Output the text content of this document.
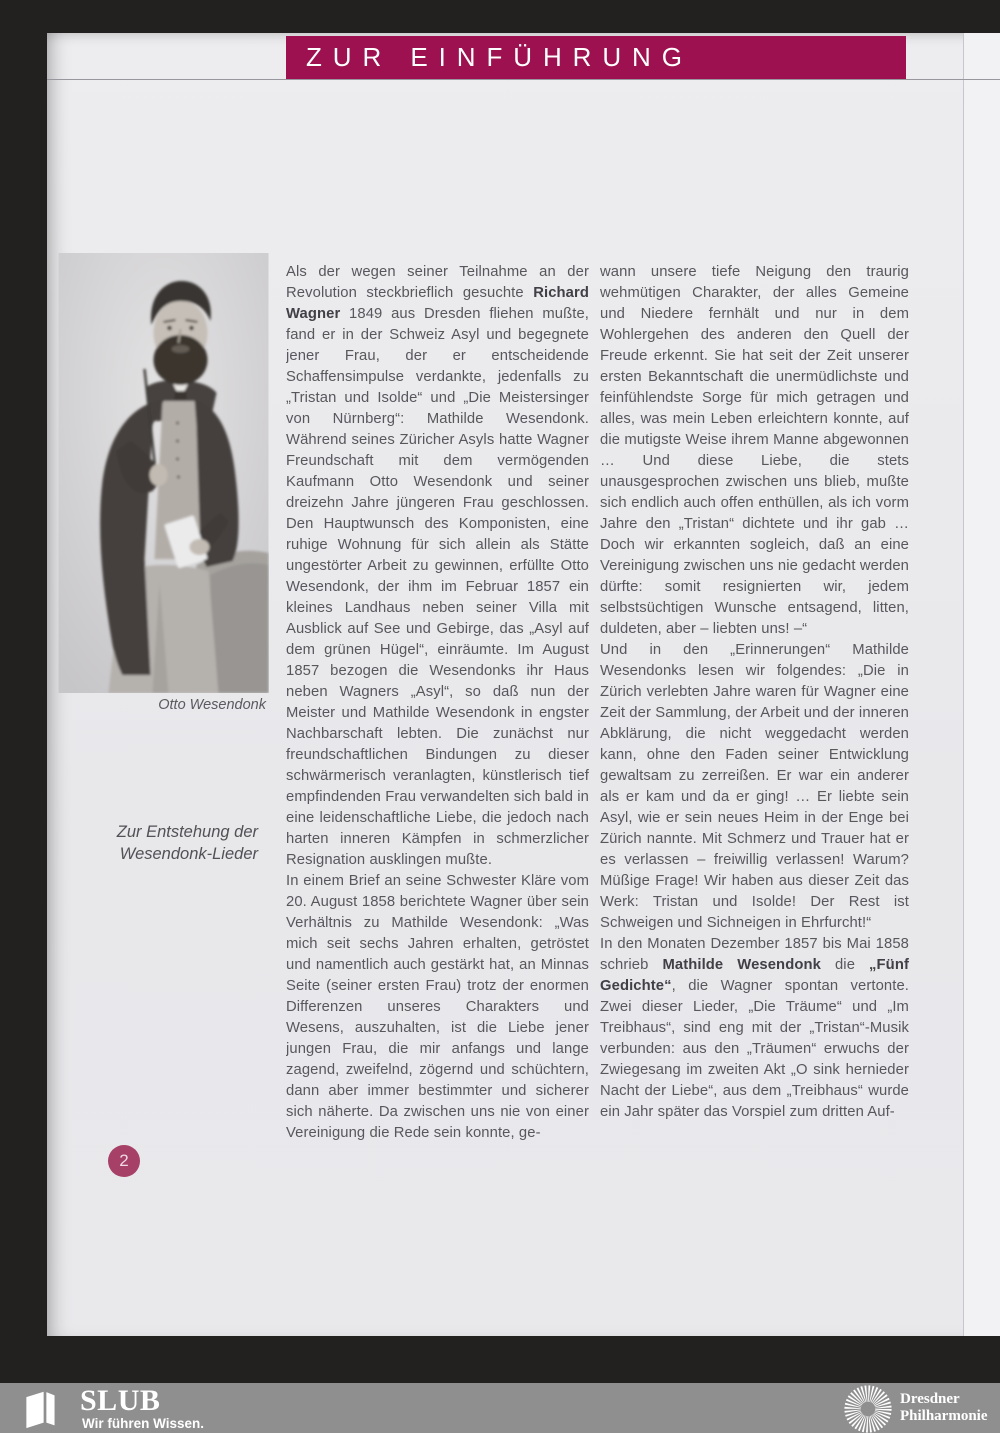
ZUR EINFÜHRUNG
Otto Wesendonk
Zur Entstehung der
Wesendonk-Lieder
2

Als der wegen seiner Teilnahme an der Revolution steckbrieflich gesuchte Richard Wagner 1849 aus Dresden fliehen mußte, fand er in der Schweiz Asyl und begegnete jener Frau, der er entscheidende Schaffensimpulse verdankte, jedenfalls zu „Tristan und Isolde“ und „Die Meistersinger von Nürnberg“: Mathilde Wesendonk. Während seines Züricher Asyls hatte Wagner Freundschaft mit dem vermögenden Kaufmann Otto Wesendonk und seiner dreizehn Jahre jüngeren Frau geschlossen. Den Hauptwunsch des Komponisten, eine ruhige Wohnung für sich allein als Stätte ungestörter Arbeit zu gewinnen, erfüllte Otto Wesendonk, der ihm im Februar 1857 ein kleines Landhaus neben seiner Villa mit Ausblick auf See und Gebirge, das „Asyl auf dem grünen Hügel“, einräumte. Im August 1857 bezogen die Wesendonks ihr Haus neben Wagners „Asyl“, so daß nun der Meister und Mathilde Wesendonk in engster Nachbarschaft lebten. Die zunächst nur freundschaftlichen Bindungen zu dieser schwärmerisch veranlagten, künstlerisch tief empfindenden Frau verwandelten sich bald in eine leidenschaftliche Liebe, die jedoch nach harten inneren Kämpfen in schmerzlicher Resignation ausklingen mußte.

In einem Brief an seine Schwester Kläre vom 20. August 1858 berichtete Wagner über sein Verhältnis zu Mathilde Wesendonk: „Was mich seit sechs Jahren erhalten, getröstet und namentlich auch gestärkt hat, an Minnas Seite (seiner ersten Frau) trotz der enormen Differenzen unseres Charakters und Wesens, auszuhalten, ist die Liebe jener jungen Frau, die mir anfangs und lange zagend, zweifelnd, zögernd und schüchtern, dann aber immer bestimmter und sicherer sich näherte. Da zwischen uns nie von einer Vereinigung die Rede sein konnte, ge-

wann unsere tiefe Neigung den traurig wehmütigen Charakter, der alles Gemeine und Niedere fernhält und nur in dem Wohlergehen des anderen den Quell der Freude erkennt. Sie hat seit der Zeit unserer ersten Bekanntschaft die unermüdlichste und feinfühlendste Sorge für mich getragen und alles, was mein Leben erleichtern konnte, auf die mutigste Weise ihrem Manne abgewonnen … Und diese Liebe, die stets unausgesprochen zwischen uns blieb, mußte sich endlich auch offen enthüllen, als ich vorm Jahre den „Tristan“ dichtete und ihr gab … Doch wir erkannten sogleich, daß an eine Vereinigung zwischen uns nie gedacht werden dürfte: somit resignierten wir, jedem selbstsüchtigen Wunsche entsagend, litten, duldeten, aber – liebten uns! –“

Und in den „Erinnerungen“ Mathilde Wesendonks lesen wir folgendes: „Die in Zürich verlebten Jahre waren für Wagner eine Zeit der Sammlung, der Arbeit und der inneren Abklärung, die nicht weggedacht werden kann, ohne den Faden seiner Entwicklung gewaltsam zu zerreißen. Er war ein anderer als er kam und da er ging! … Er liebte sein Asyl, wie er sein neues Heim in der Enge bei Zürich nannte. Mit Schmerz und Trauer hat er es verlassen – freiwillig verlassen! Warum? Müßige Frage! Wir haben aus dieser Zeit das Werk: Tristan und Isolde! Der Rest ist Schweigen und Sichneigen in Ehrfurcht!“

In den Monaten Dezember 1857 bis Mai 1858 schrieb Mathilde Wesendonk die „Fünf Gedichte“, die Wagner spontan vertonte. Zwei dieser Lieder, „Die Träume“ und „Im Treibhaus“, sind eng mit der „Tristan“-Musik verbunden: aus den „Träumen“ erwuchs der Zwiegesang im zweiten Akt „O sink hernieder Nacht der Liebe“, aus dem „Treibhaus“ wurde ein Jahr später das Vorspiel zum dritten Auf-

SLUB
Wir führen Wissen.
Dresdner
Philharmonie
